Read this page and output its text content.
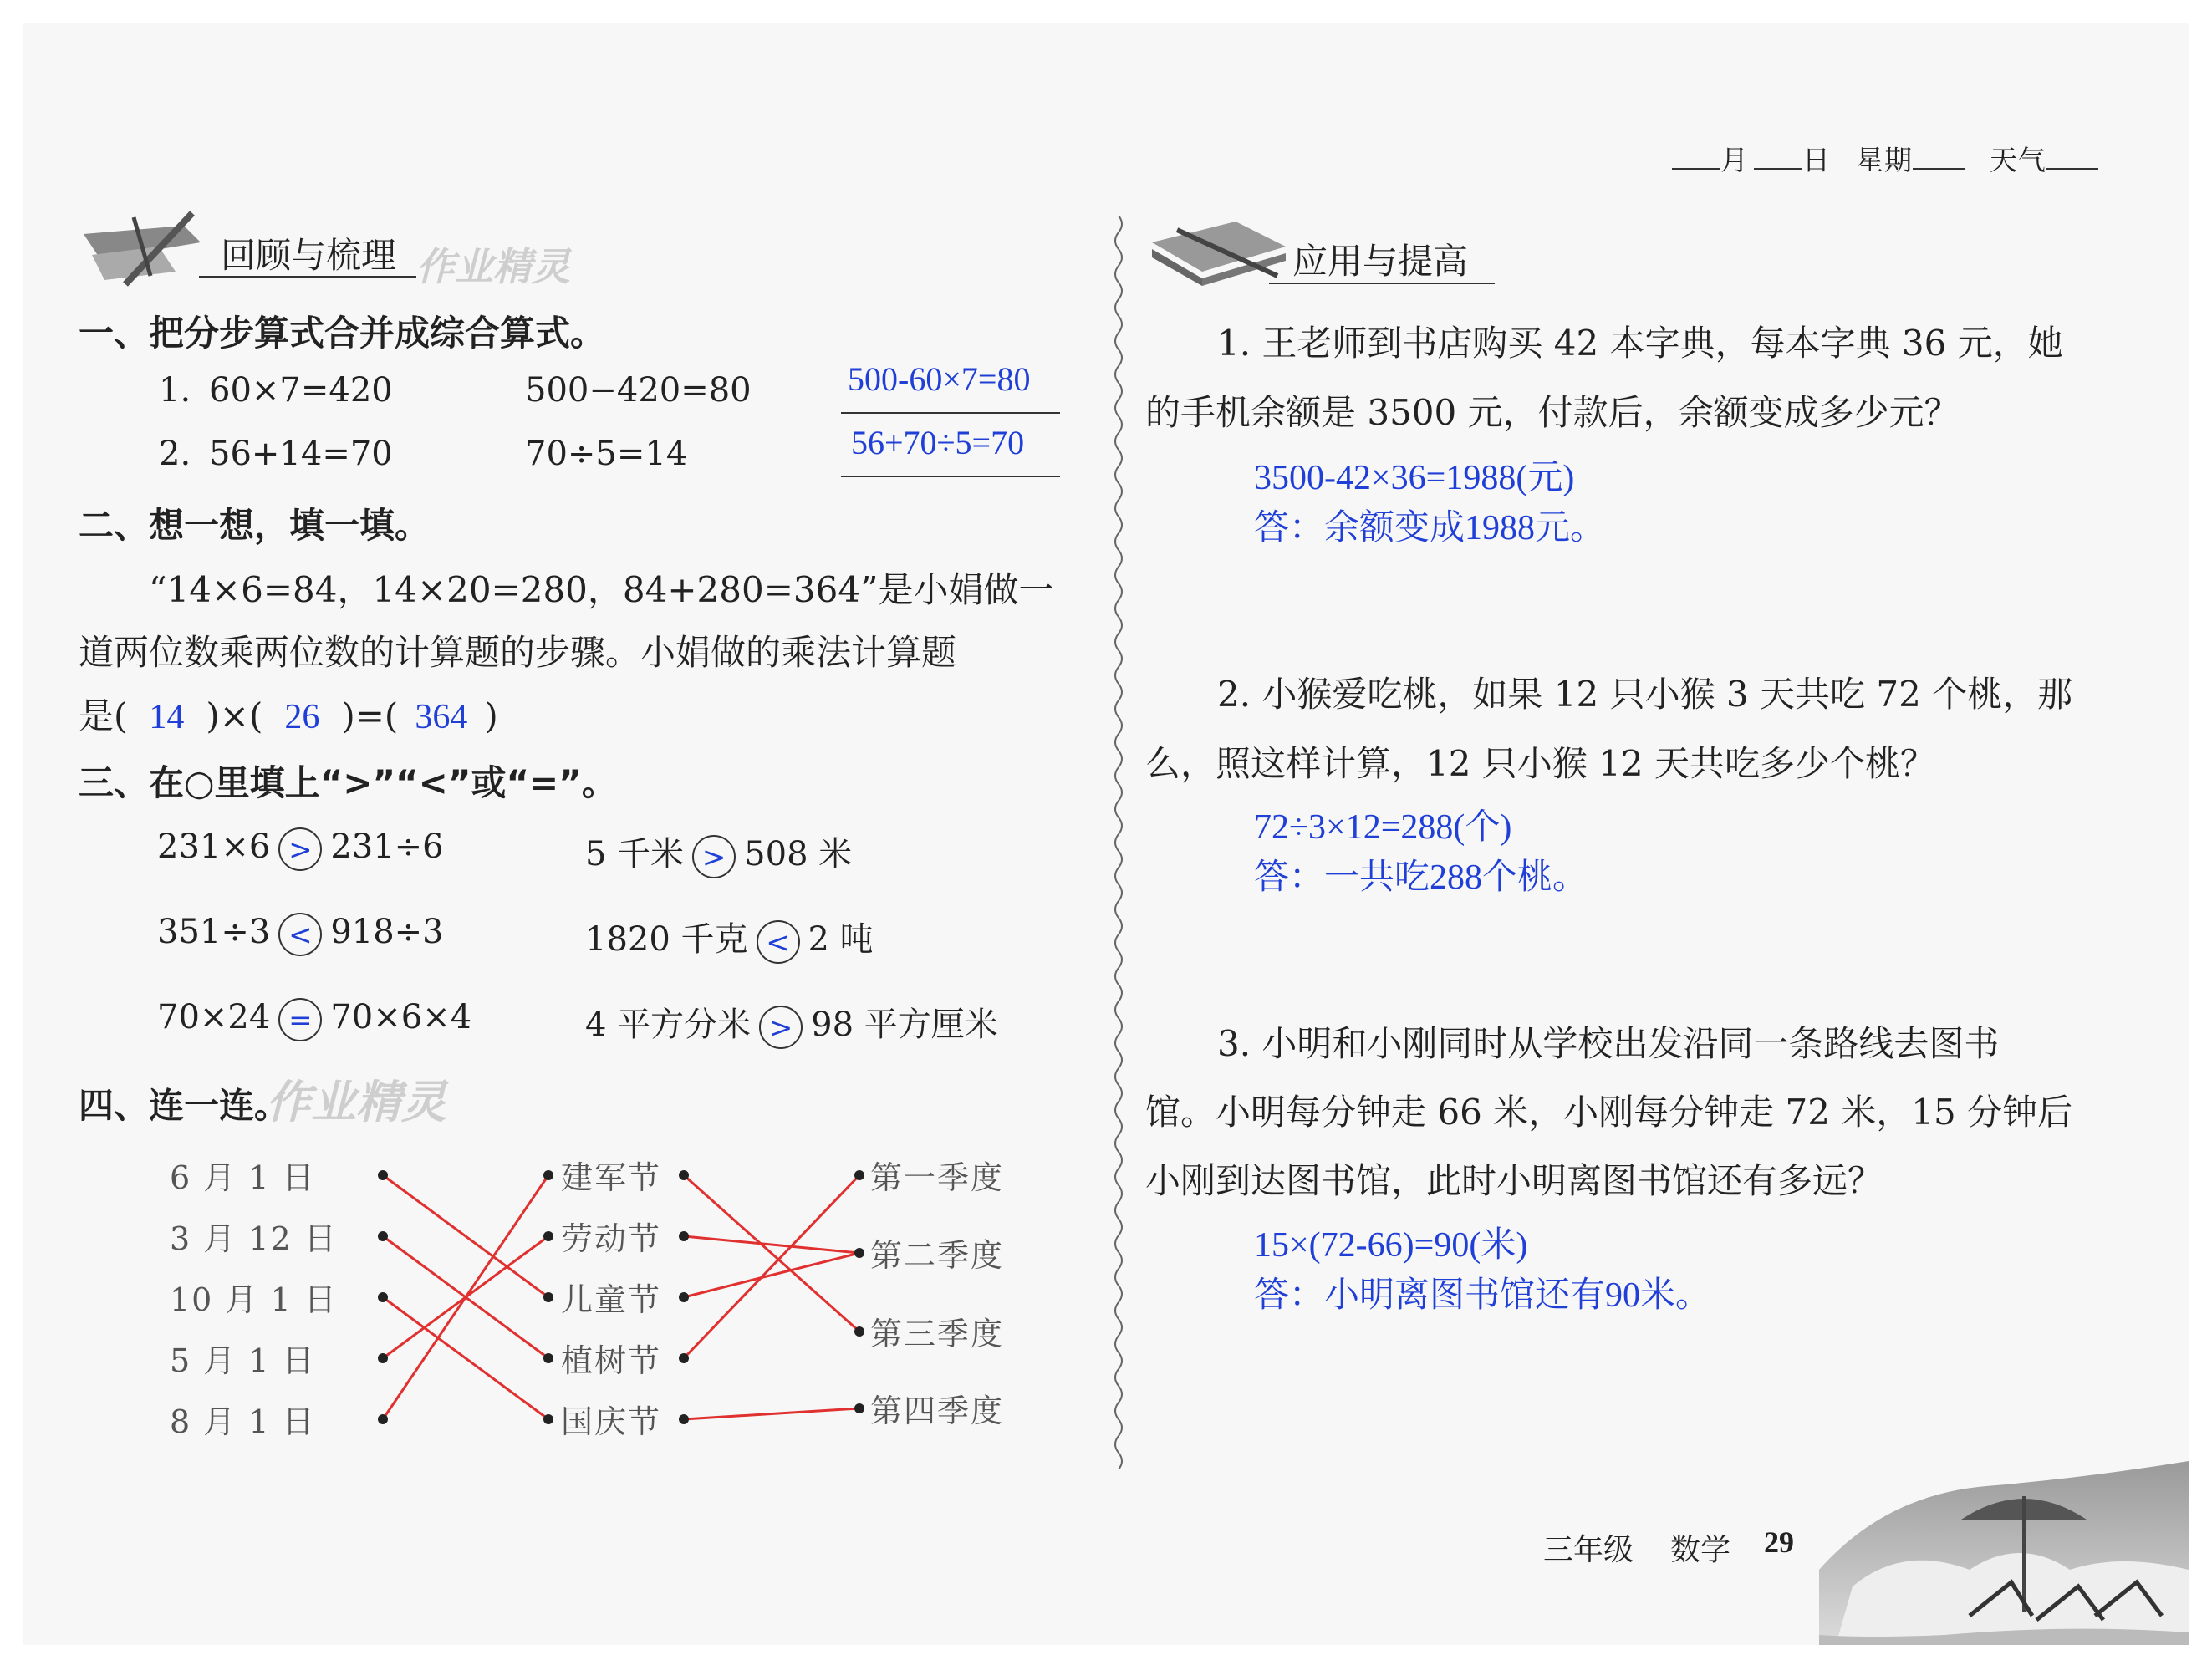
月 日 星期	天气
回顾与梳理 作业精灵
一、把分步算式合并成综合算式。
1. 60×7=420	500−420=80	500-60×7=80
2. 56+14=70	70÷5=14	56+70÷5=70
二、想一想，填一填。
“14×6=84，14×20=280，84+280=364”是小娟做一
道两位数乘两位数的计算题的步骤。小娟做的乘法计算题
是( 14 )×( 26 )=( 364 )
三、在○里填上“>”“<”或“=”。
231×6 > 231÷6	5 千米 > 508 米
351÷3 < 918÷3	1820 千克 < 2 吨
70×24 = 70×6×4	4 平方分米 > 98 平方厘米
四、连一连。
作业精灵
6 月 1 日
3 月 12 日
10 月 1 日
5 月 1 日
8 月 1 日
建军节
劳动节
儿童节
植树节
国庆节
第一季度
第二季度
第三季度
第四季度
应用与提高
1. 王老师到书店购买 42 本字典，每本字典 36 元，她
的手机余额是 3500 元，付款后，余额变成多少元？
3500-42×36=1988(元)
答：余额变成1988元。
2. 小猴爱吃桃，如果 12 只小猴 3 天共吃 72 个桃，那
么，照这样计算，12 只小猴 12 天共吃多少个桃？
72÷3×12=288(个)
答：一共吃288个桃。
3. 小明和小刚同时从学校出发沿同一条路线去图书
馆。小明每分钟走 66 米，小刚每分钟走 72 米，15 分钟后
小刚到达图书馆，此时小明离图书馆还有多远？
15×(72-66)=90(米)
答：小明离图书馆还有90米。
三年级 数学 29
